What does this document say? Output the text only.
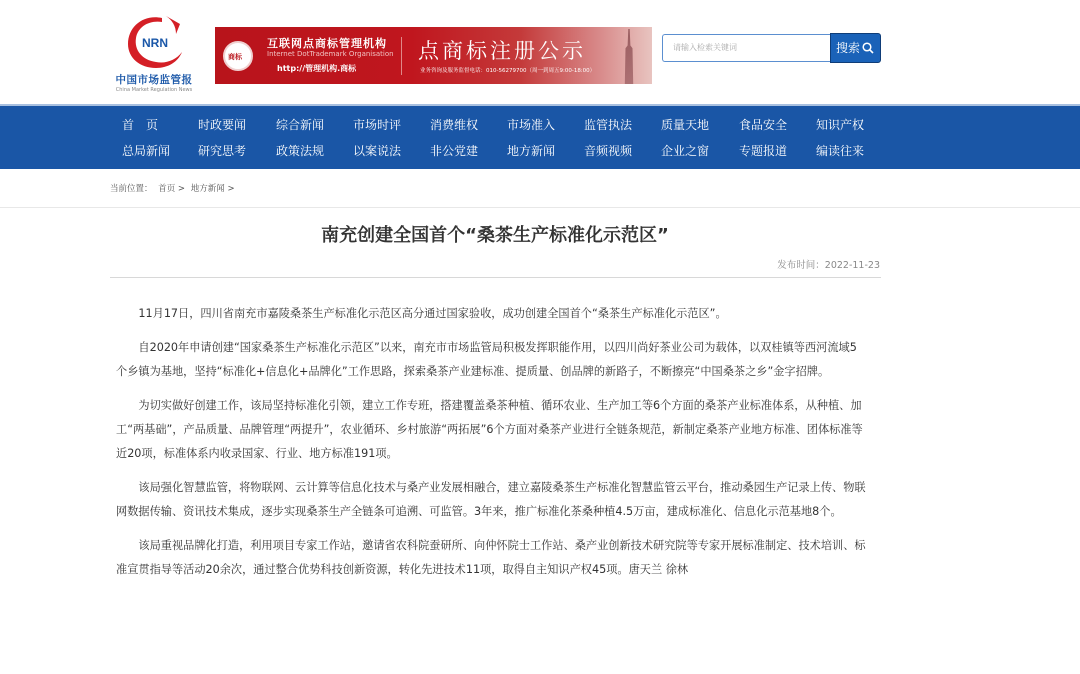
NRN
中国市场监管报
China Market Regulation News
商标
互联网点商标管理机构
Internet DotTrademark Organisation
http://管理机构.商标
点商标注册公示
业务咨询及服务监督电话：010-56279700（周一到周五9:00-18:00）
请输入检索关键词	搜索
首　页	时政要闻 综合新闻 市场时评 消费维权 市场准入 监管执法 质量天地 食品安全 知识产权
总局新闻 研究思考 政策法规 以案说法 非公党建 地方新闻 音频视频 企业之窗 专题报道 编读往来
当前位置： 首页 > 地方新闻 >
南充创建全国首个“桑茶生产标准化示范区”
发布时间：2022-11-23

11月17日，四川省南充市嘉陵桑茶生产标准化示范区高分通过国家验收，成功创建全国首个“桑茶生产标准化示范区”。

自2020年申请创建“国家桑茶生产标准化示范区”以来，南充市市场监管局积极发挥职能作用，以四川尚好茶业公司为载体，以双桂镇等西河流域5个乡镇为基地，坚持“标准化+信息化+品牌化”工作思路，探索桑茶产业建标准、提质量、创品牌的新路子，不断擦亮“中国桑茶之乡”金字招牌。

为切实做好创建工作，该局坚持标准化引领，建立工作专班，搭建覆盖桑茶种植、循环农业、生产加工等6个方面的桑茶产业标准体系，从种植、加工“两基础”，产品质量、品牌管理“两提升”，农业循环、乡村旅游“两拓展”6个方面对桑茶产业进行全链条规范，新制定桑茶产业地方标准、团体标准等近20项，标准体系内收录国家、行业、地方标准191项。

该局强化智慧监管，将物联网、云计算等信息化技术与桑产业发展相融合，建立嘉陵桑茶生产标准化智慧监管云平台，推动桑园生产记录上传、物联网数据传输、资讯技术集成，逐步实现桑茶生产全链条可追溯、可监管。3年来，推广标准化茶桑种植4.5万亩，建成标准化、信息化示范基地8个。

该局重视品牌化打造，利用项目专家工作站，邀请省农科院蚕研所、向仲怀院士工作站、桑产业创新技术研究院等专家开展标准制定、技术培训、标准宣贯指导等活动20余次，通过整合优势科技创新资源，转化先进技术11项，取得自主知识产权45项。唐天兰 徐林
